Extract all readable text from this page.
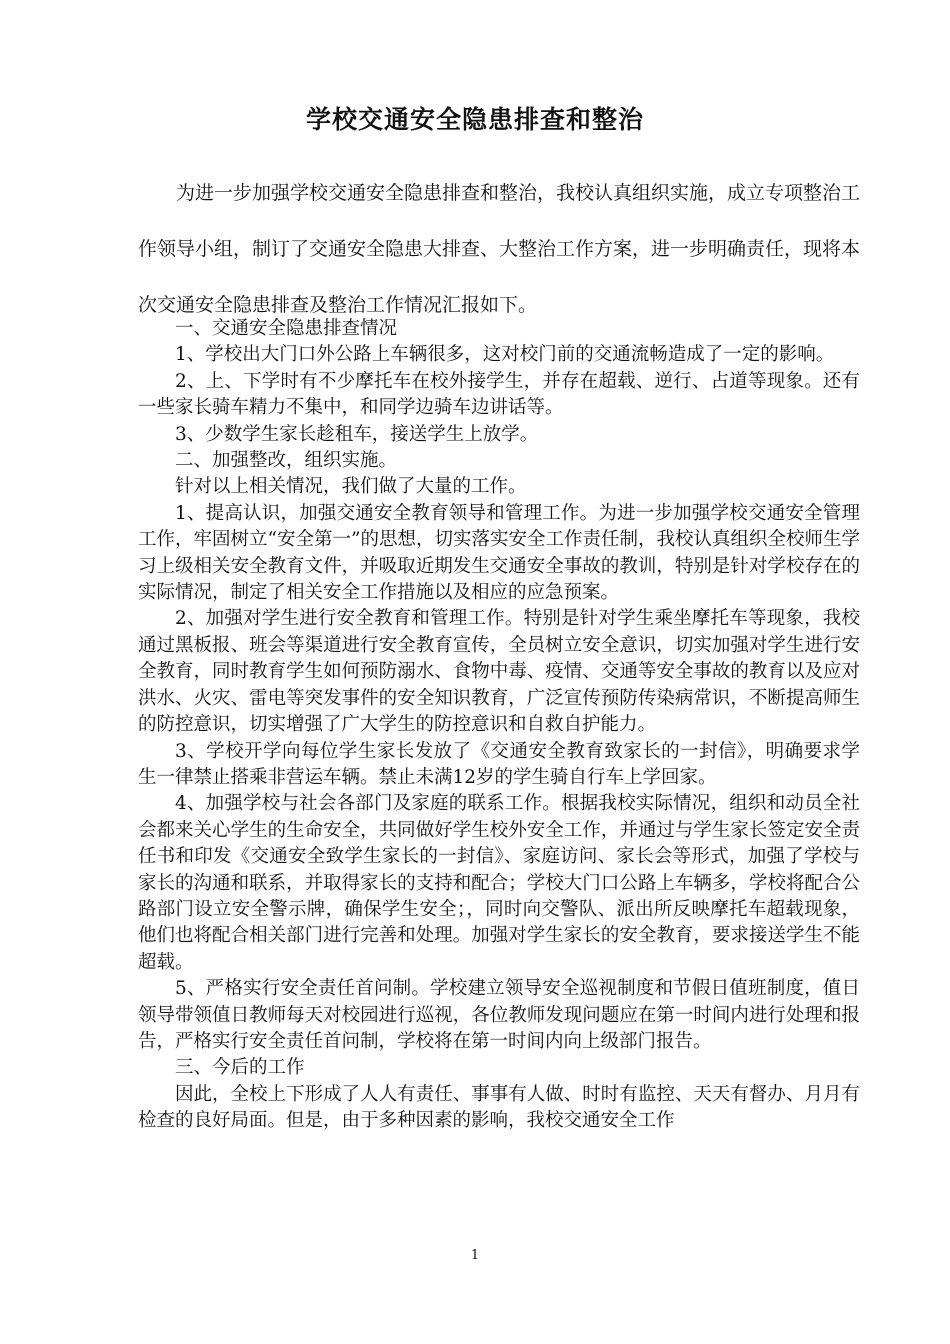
学校交通安全隐患排查和整治

为进一步加强学校交通安全隐患排查和整治，我校认真组织实施，成立专项整治工作领导小组，制订了交通安全隐患大排查、大整治工作方案，进一步明确责任，现将本次交通安全隐患排查及整治工作情况汇报如下。

一、交通安全隐患排查情况

1、学校出大门口外公路上车辆很多，这对校门前的交通流畅造成了一定的影响。

2、上、下学时有不少摩托车在校外接学生，并存在超载、逆行、占道等现象。还有一些家长骑车精力不集中，和同学边骑车边讲话等。

3、少数学生家长趁租车，接送学生上放学。

二、加强整改，组织实施。

针对以上相关情况，我们做了大量的工作。

1、提高认识，加强交通安全教育领导和管理工作。为进一步加强学校交通安全管理工作，牢固树立“安全第一”的思想，切实落实安全工作责任制，我校认真组织全校师生学习上级相关安全教育文件，并吸取近期发生交通安全事故的教训，特别是针对学校存在的实际情况，制定了相关安全工作措施以及相应的应急预案。

2、加强对学生进行安全教育和管理工作。特别是针对学生乘坐摩托车等现象，我校通过黑板报、班会等渠道进行安全教育宣传，全员树立安全意识，切实加强对学生进行安全教育，同时教育学生如何预防溺水、食物中毒、疫情、交通等安全事故的教育以及应对洪水、火灾、雷电等突发事件的安全知识教育，广泛宣传预防传染病常识，不断提高师生的防控意识，切实增强了广大学生的防控意识和自救自护能力。

3、学校开学向每位学生家长发放了《交通安全教育致家长的一封信》，明确要求学生一律禁止搭乘非营运车辆。禁止未满12岁的学生骑自行车上学回家。

4、加强学校与社会各部门及家庭的联系工作。根据我校实际情况，组织和动员全社会都来关心学生的生命安全，共同做好学生校外安全工作，并通过与学生家长签定安全责任书和印发《交通安全致学生家长的一封信》、家庭访问、家长会等形式，加强了学校与家长的沟通和联系，并取得家长的支持和配合；学校大门口公路上车辆多，学校将配合公路部门设立安全警示牌，确保学生安全；，同时向交警队、派出所反映摩托车超载现象，他们也将配合相关部门进行完善和处理。加强对学生家长的安全教育，要求接送学生不能超载。

5、严格实行安全责任首问制。学校建立领导安全巡视制度和节假日值班制度，值日领导带领值日教师每天对校园进行巡视，各位教师发现问题应在第一时间内进行处理和报告，严格实行安全责任首问制，学校将在第一时间内向上级部门报告。

三、今后的工作

因此，全校上下形成了人人有责任、事事有人做、时时有监控、天天有督办、月月有检查的良好局面。但是，由于多种因素的影响，我校交通安全工作

1
